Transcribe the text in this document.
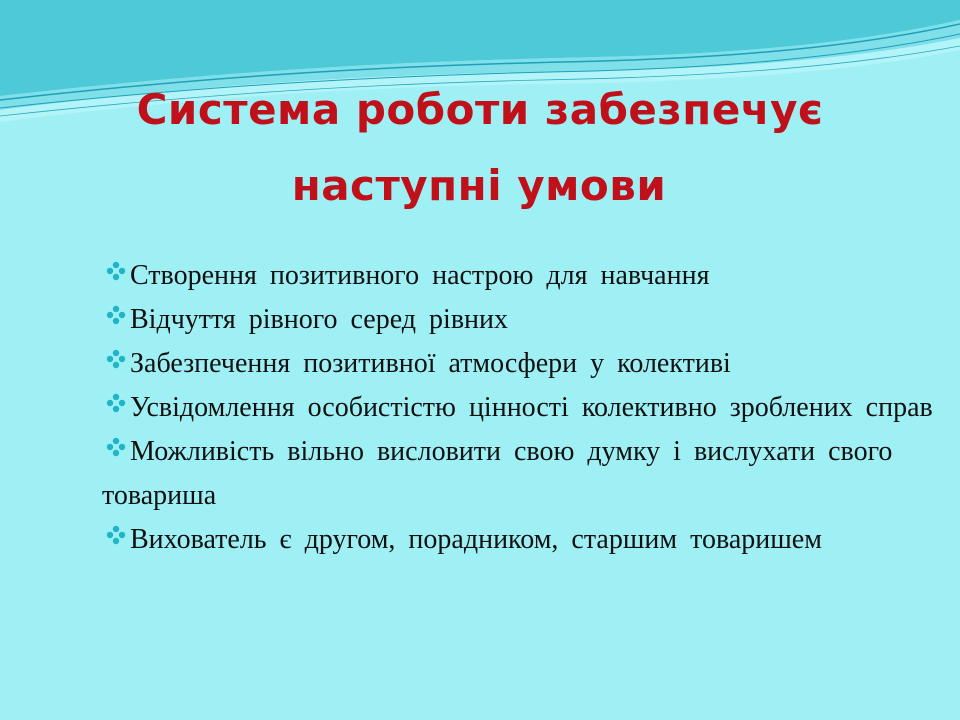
Система роботи забезпечує
наступні умови
Створення позитивного настрою для навчання
Відчуття рівного серед рівних
Забезпечення позитивної атмосфери у колективі
Усвідомлення особистістю цінності колективно зроблених справ
Можливість вільно висловити свою думку і вислухати свого товариша
Вихователь є другом, порадником, старшим товаришем
